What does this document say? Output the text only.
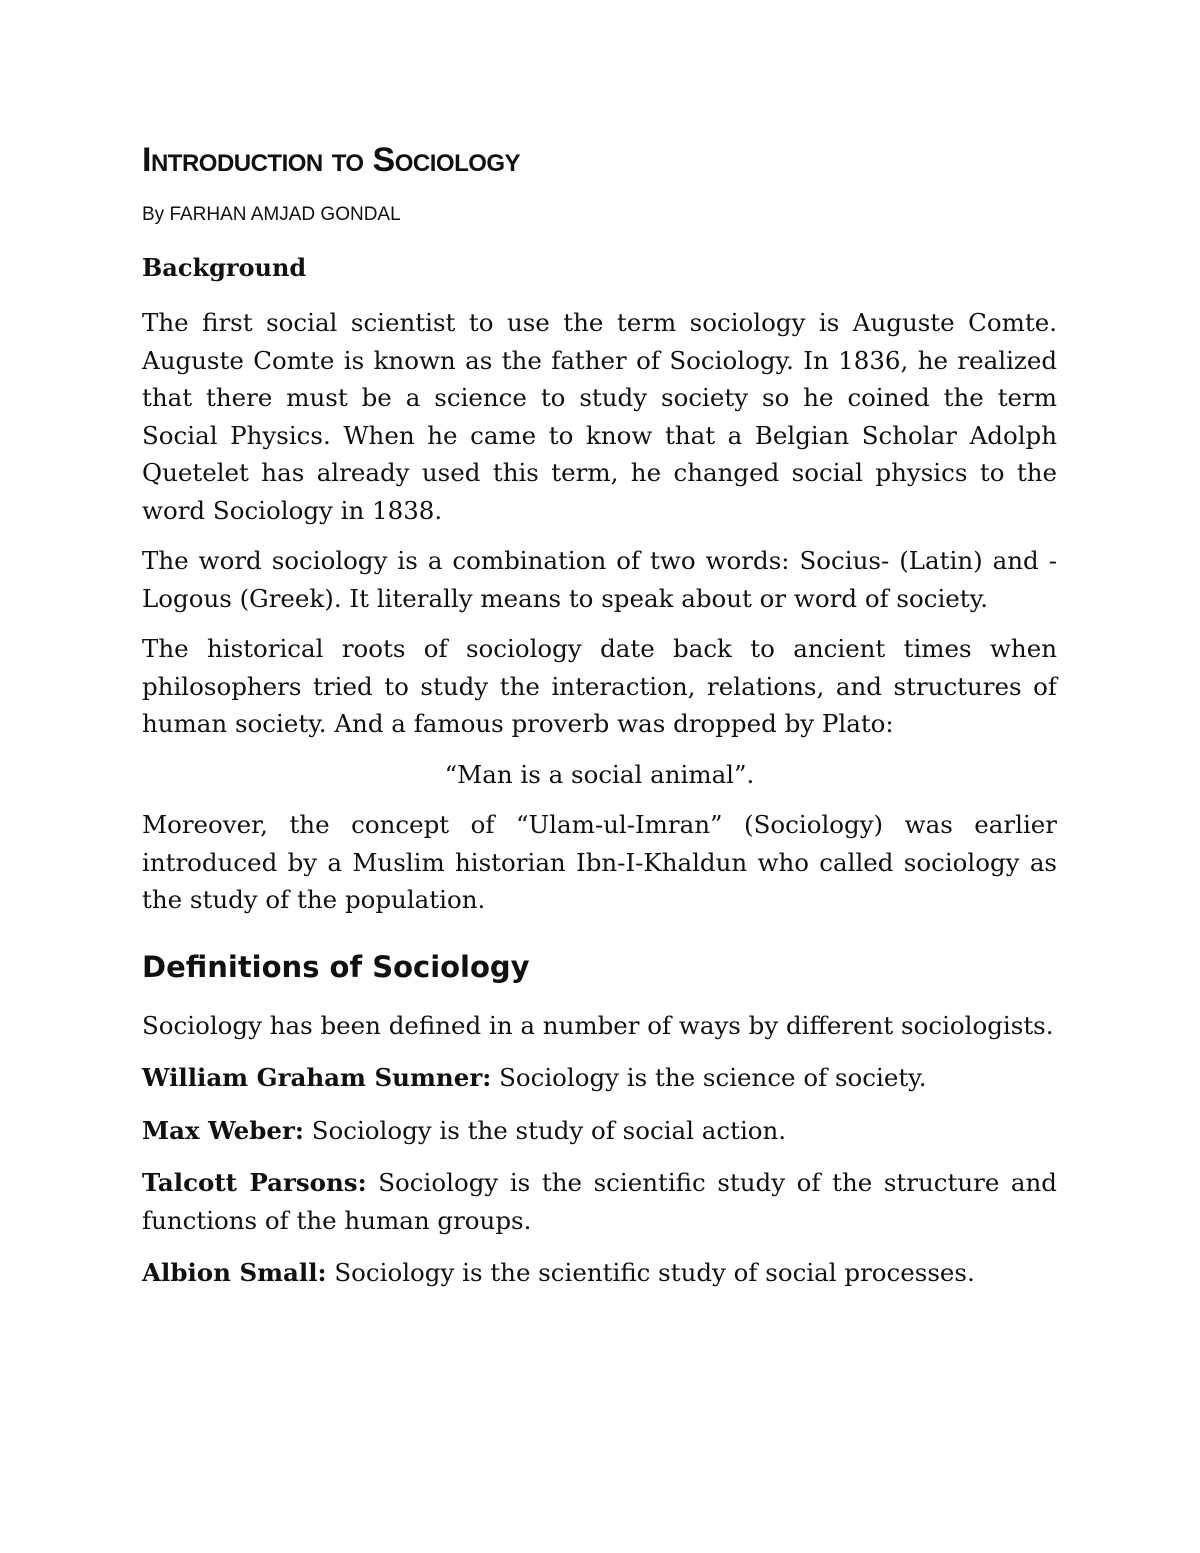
Introduction to Sociology
By FARHAN AMJAD GONDAL
Background

The first social scientist to use the term sociology is Auguste Comte. Auguste Comte is known as the father of Sociology. In 1836, he realized that there must be a science to study society so he coined the term Social Physics. When he came to know that a Belgian Scholar Adolph Quetelet has already used this term, he changed social physics to the word Sociology in 1838.

The word sociology is a combination of two words: Socius- (Latin) and -Logous (Greek). It literally means to speak about or word of society.

The historical roots of sociology date back to ancient times when philosophers tried to study the interaction, relations, and structures of human society. And a famous proverb was dropped by Plato:

“Man is a social animal”.

Moreover, the concept of “Ulam-ul-Imran” (Sociology) was earlier introduced by a Muslim historian Ibn-I-Khaldun who called sociology as the study of the population.

Definitions of Sociology

Sociology has been defined in a number of ways by different sociologists.

William Graham Sumner: Sociology is the science of society.

Max Weber: Sociology is the study of social action.

Talcott Parsons: Sociology is the scientific study of the structure and functions of the human groups.

Albion Small: Sociology is the scientific study of social processes.
